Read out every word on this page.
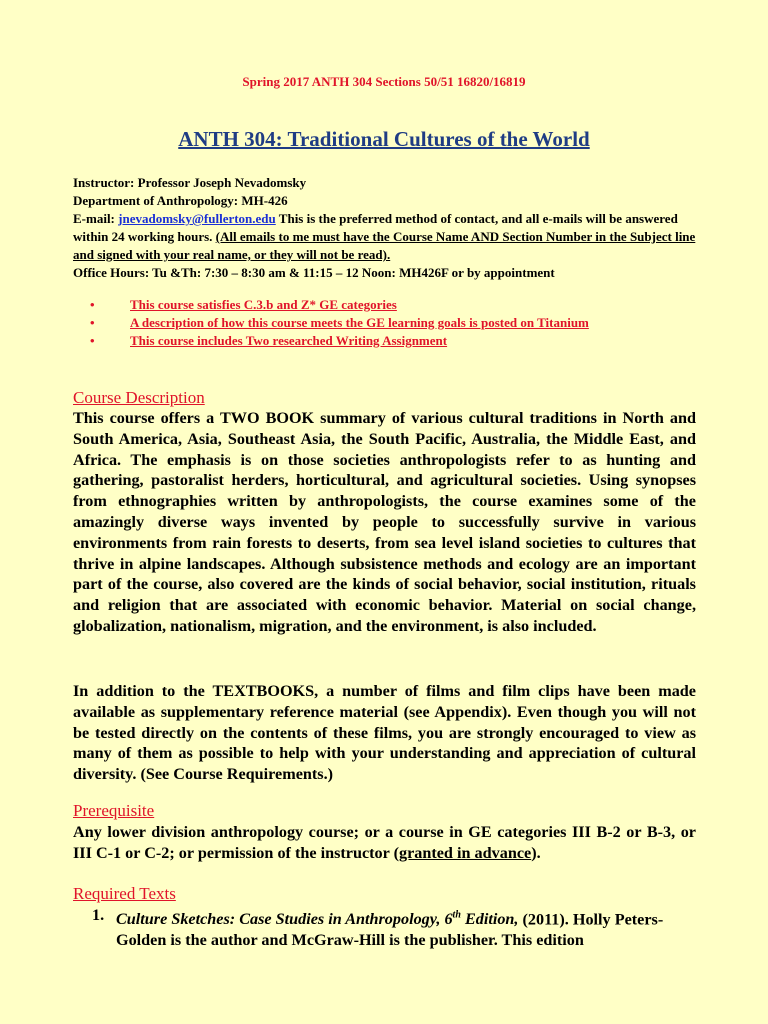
Spring 2017 ANTH 304 Sections 50/51 16820/16819
ANTH 304: Traditional Cultures of the World

Instructor: Professor Joseph Nevadomsky

Department of Anthropology: MH-426

E-mail: jnevadomsky@fullerton.edu This is the preferred method of contact, and all e-mails will be answered within 24 working hours. (All emails to me must have the Course Name AND Section Number in the Subject line and signed with your real name, or they will not be read).

Office Hours: Tu &Th: 7:30 – 8:30 am & 11:15 – 12 Noon: MH426F or by appointment

•	This course satisfies C.3.b and Z* GE categories
•	A description of how this course meets the GE learning goals is posted on Titanium
•	This course includes Two researched Writing Assignment
Course Description

This course offers a TWO BOOK summary of various cultural traditions in North and South America, Asia, Southeast Asia, the South Pacific, Australia, the Middle East, and Africa. The emphasis is on those societies anthropologists refer to as hunting and gathering, pastoralist herders, horticultural, and agricultural societies. Using synopses from ethnographies written by anthropologists, the course examines some of the amazingly diverse ways invented by people to successfully survive in various environments from rain forests to deserts, from sea level island societies to cultures that thrive in alpine landscapes. Although subsistence methods and ecology are an important part of the course, also covered are the kinds of social behavior, social institution, rituals and religion that are associated with economic behavior. Material on social change, globalization, nationalism, migration, and the environment, is also included.

In addition to the TEXTBOOKS, a number of films and film clips have been made available as supplementary reference material (see Appendix). Even though you will not be tested directly on the contents of these films, you are strongly encouraged to view as many of them as possible to help with your understanding and appreciation of cultural diversity. (See Course Requirements.)

Prerequisite

Any lower division anthropology course; or a course in GE categories III B-2 or B-3, or III C-1 or C-2; or permission of the instructor (granted in advance).

Required Texts
1. Culture Sketches: Case Studies in Anthropology, 6th Edition, (2011). Holly Peters-Golden is the author and McGraw-Hill is the publisher. This edition
